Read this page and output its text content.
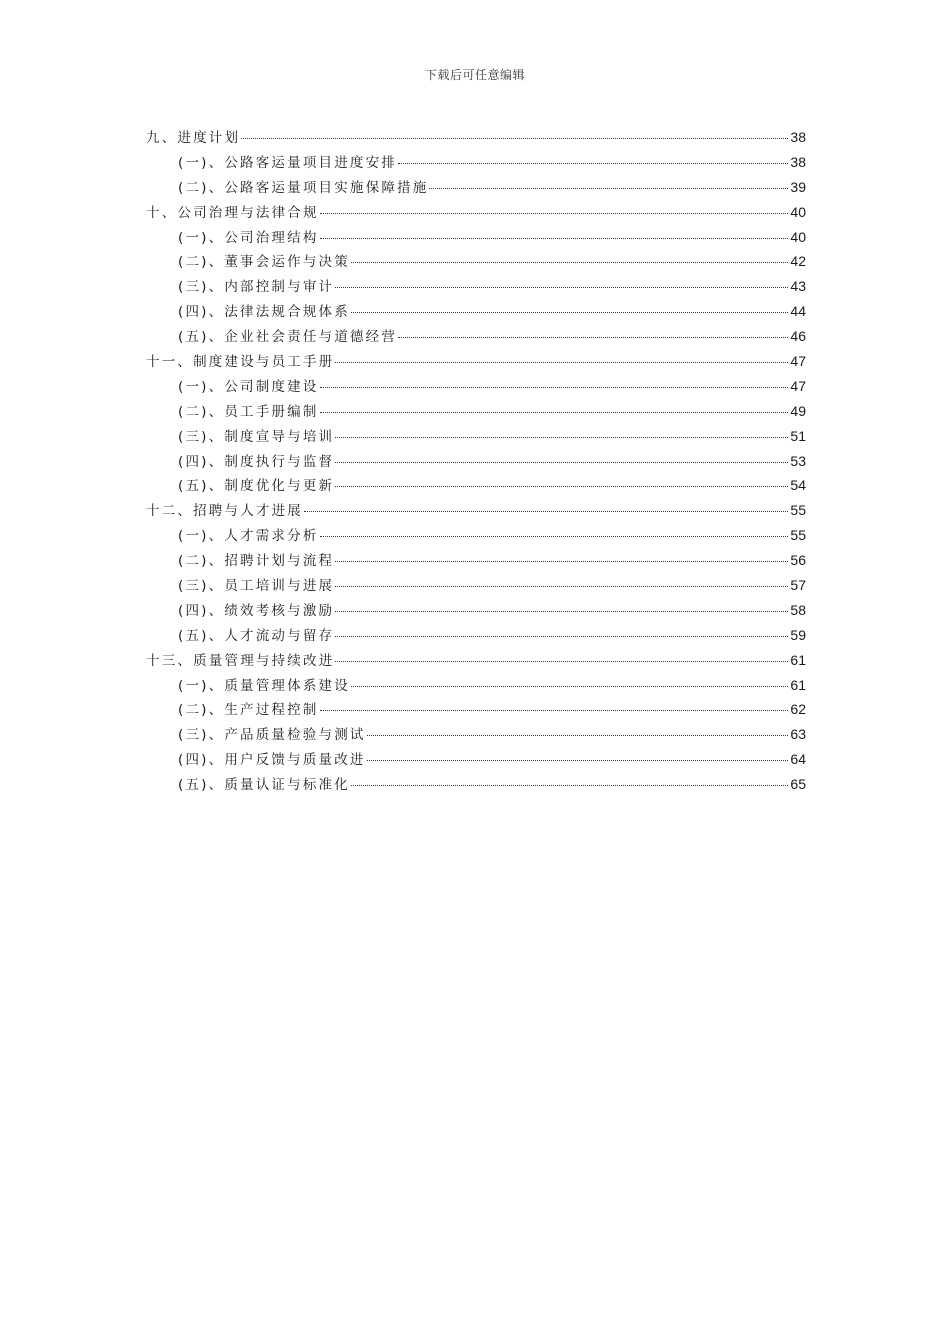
下载后可任意编辑
九、进度计划	38
(一)、公路客运量项目进度安排	38
(二)、公路客运量项目实施保障措施	39
十、公司治理与法律合规	40
(一)、公司治理结构	40
(二)、董事会运作与决策	42
(三)、内部控制与审计	43
(四)、法律法规合规体系	44
(五)、企业社会责任与道德经营	46
十一、制度建设与员工手册	47
(一)、公司制度建设	47
(二)、员工手册编制	49
(三)、制度宣导与培训	51
(四)、制度执行与监督	53
(五)、制度优化与更新	54
十二、招聘与人才进展	55
(一)、人才需求分析	55
(二)、招聘计划与流程	56
(三)、员工培训与进展	57
(四)、绩效考核与激励	58
(五)、人才流动与留存	59
十三、质量管理与持续改进	61
(一)、质量管理体系建设	61
(二)、生产过程控制	62
(三)、产品质量检验与测试	63
(四)、用户反馈与质量改进	64
(五)、质量认证与标准化	65
